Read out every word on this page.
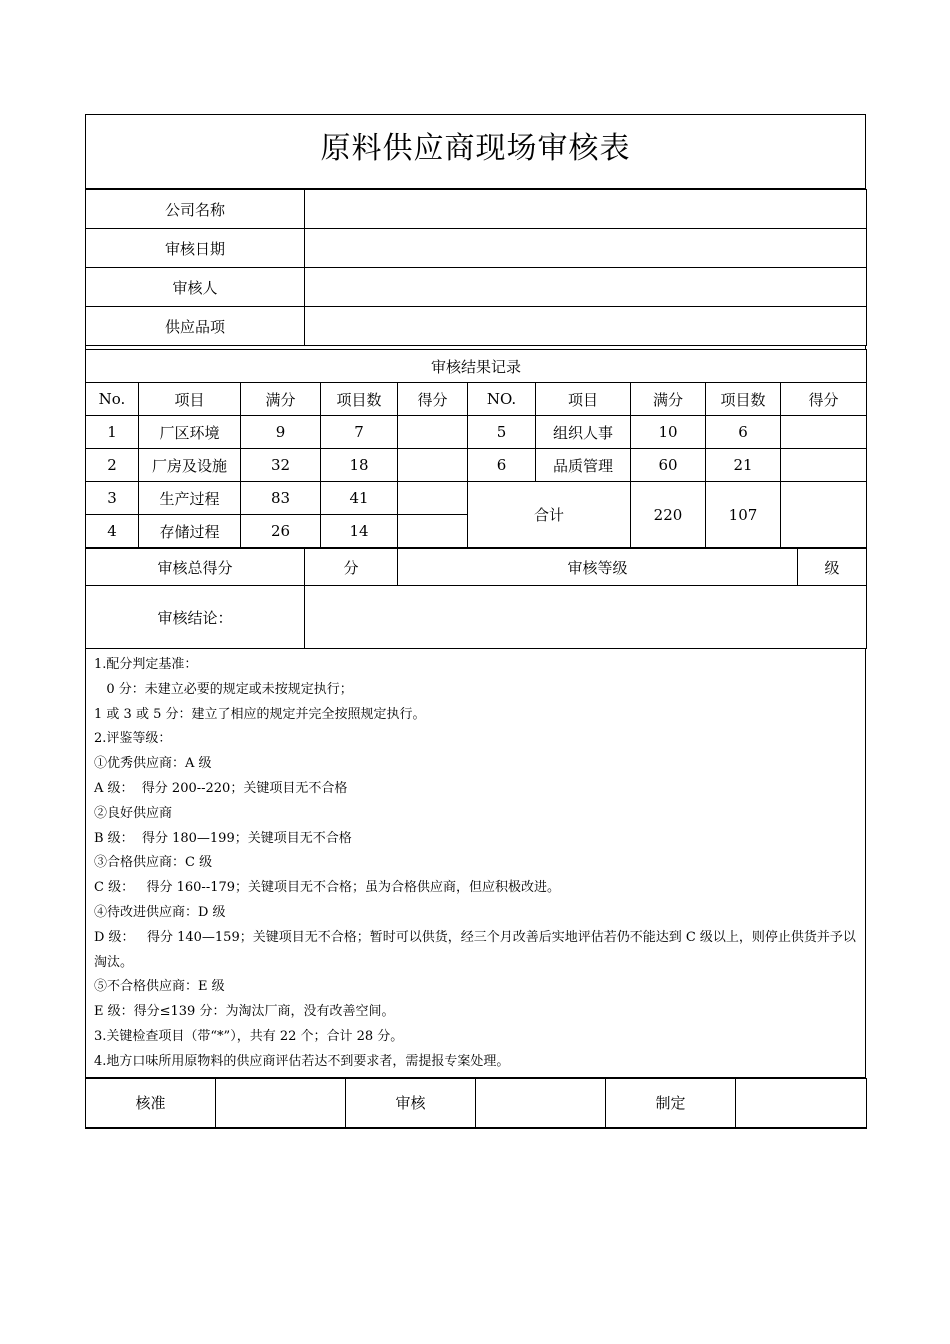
原料供应商现场审核表
公司名称	
审核日期	
审核人	
供应品项	
审核结果记录									
No.	项目	满分	项目数	得分	NO.	项目	满分	项目数	得分
1	厂区环境	9	7		5	组织人事	10	6	
2	厂房及设施	32	18		6	品质管理	60	21	
3	生产过程	83	41		合计		220	107	
4	存储过程	26	14						
审核总得分	分	审核等级	级
审核结论：			
1.配分判定基准：
0 分：未建立必要的规定或未按规定执行；
1 或 3 或 5 分：建立了相应的规定并完全按照规定执行。
2.评鉴等级：
①优秀供应商：A 级
A 级：  得分 200--220；关键项目无不合格
②良好供应商
B 级：  得分 180—199；关键项目无不合格
③合格供应商：C 级
C 级：   得分 160--179；关键项目无不合格；虽为合格供应商，但应积极改进。
④待改进供应商：D 级
D 级：   得分 140—159；关键项目无不合格；暂时可以供货，经三个月改善后实地评估若仍不能达到 C 级以上，则停止供货并予以淘汰。
⑤不合格供应商：E 级
E 级：得分≤139 分：为淘汰厂商，没有改善空间。
3.关键检查项目（带“*”），共有 22 个；合计 28 分。
4.地方口味所用原物料的供应商评估若达不到要求者，需提报专案处理。
核准		审核		制定	
